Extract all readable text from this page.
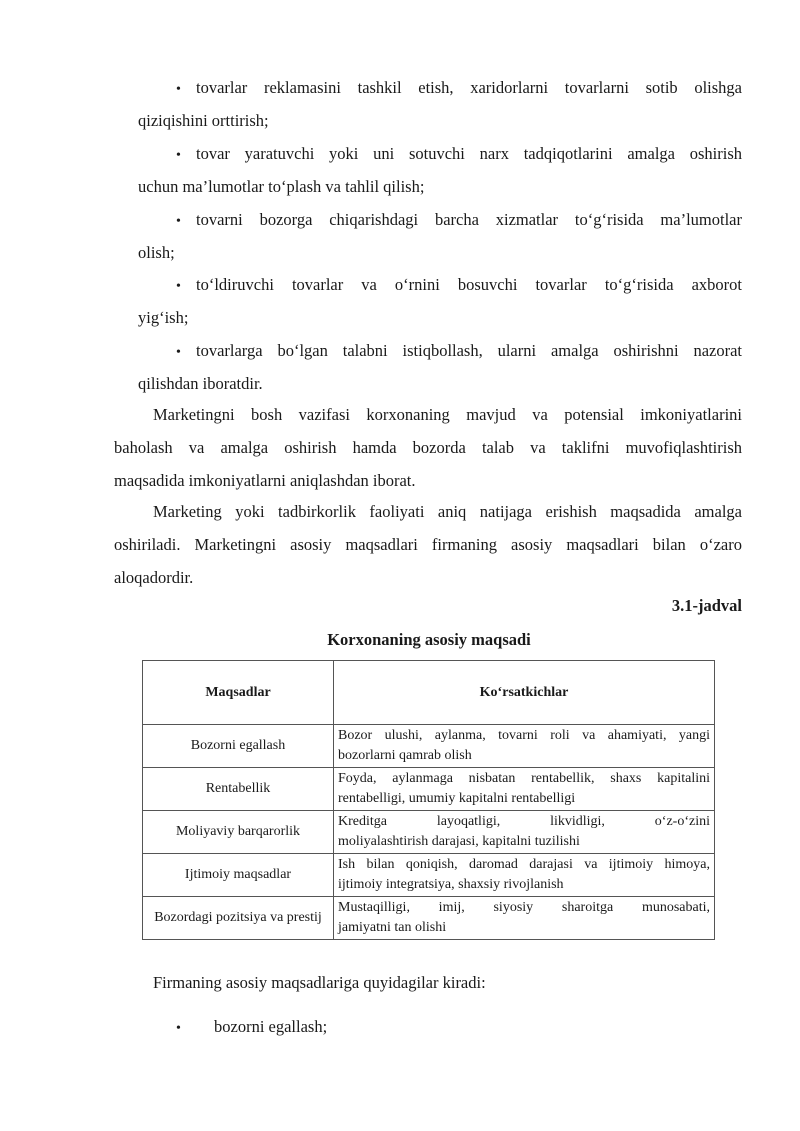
• tovarlar reklamasini tashkil etish, xaridorlarni tovarlarni sotib olishga
qiziqishini orttirish;
• tovar yaratuvchi yoki uni sotuvchi narx tadqiqotlarini amalga oshirish
uchun ma’lumotlar to‘plash va tahlil qilish;
• tovarni bozorga chiqarishdagi barcha xizmatlar to‘g‘risida ma’lumotlar
olish;
• to‘ldiruvchi tovarlar va o‘rnini bosuvchi tovarlar to‘g‘risida axborot
yig‘ish;
• tovarlarga bo‘lgan talabni istiqbollash, ularni amalga oshirishni nazorat
qilishdan iboratdir.
Marketingni bosh vazifasi korxonaning mavjud va potensial imkoniyatlarini
baholash va amalga oshirish hamda bozorda talab va taklifni muvofiqlashtirish
maqsadida imkoniyatlarni aniqlashdan iborat.
Marketing yoki tadbirkorlik faoliyati aniq natijaga erishish maqsadida amalga
oshiriladi. Marketingni asosiy maqsadlari firmaning asosiy maqsadlari bilan o‘zaro
aloqadordir.
3.1-jadval
Korxonaning asosiy maqsadi
Maqsadlar	Ko‘rsatkichlar
Bozorni egallash	Bozor ulushi, aylanma, tovarni roli va ahamiyati, yangi
bozorlarni qamrab olish

Rentabellik	Foyda, aylanmaga nisbatan rentabellik, shaxs kapitalini
rentabelligi, umumiy kapitalni rentabelligi

Moliyaviy barqarorlik	Kreditga layoqatligi, likvidligi, o‘z-o‘zini
moliyalashtirish darajasi, kapitalni tuzilishi

Ijtimoiy maqsadlar	Ish bilan qoniqish, daromad darajasi va ijtimoiy himoya,
ijtimoiy integratsiya, shaxsiy rivojlanish

Bozordagi pozitsiya va prestij	Mustaqilligi, imij, siyosiy sharoitga munosabati,
jamiyatni tan olishi
Firmaning asosiy maqsadlariga quyidagilar kiradi:
• bozorni egallash;
